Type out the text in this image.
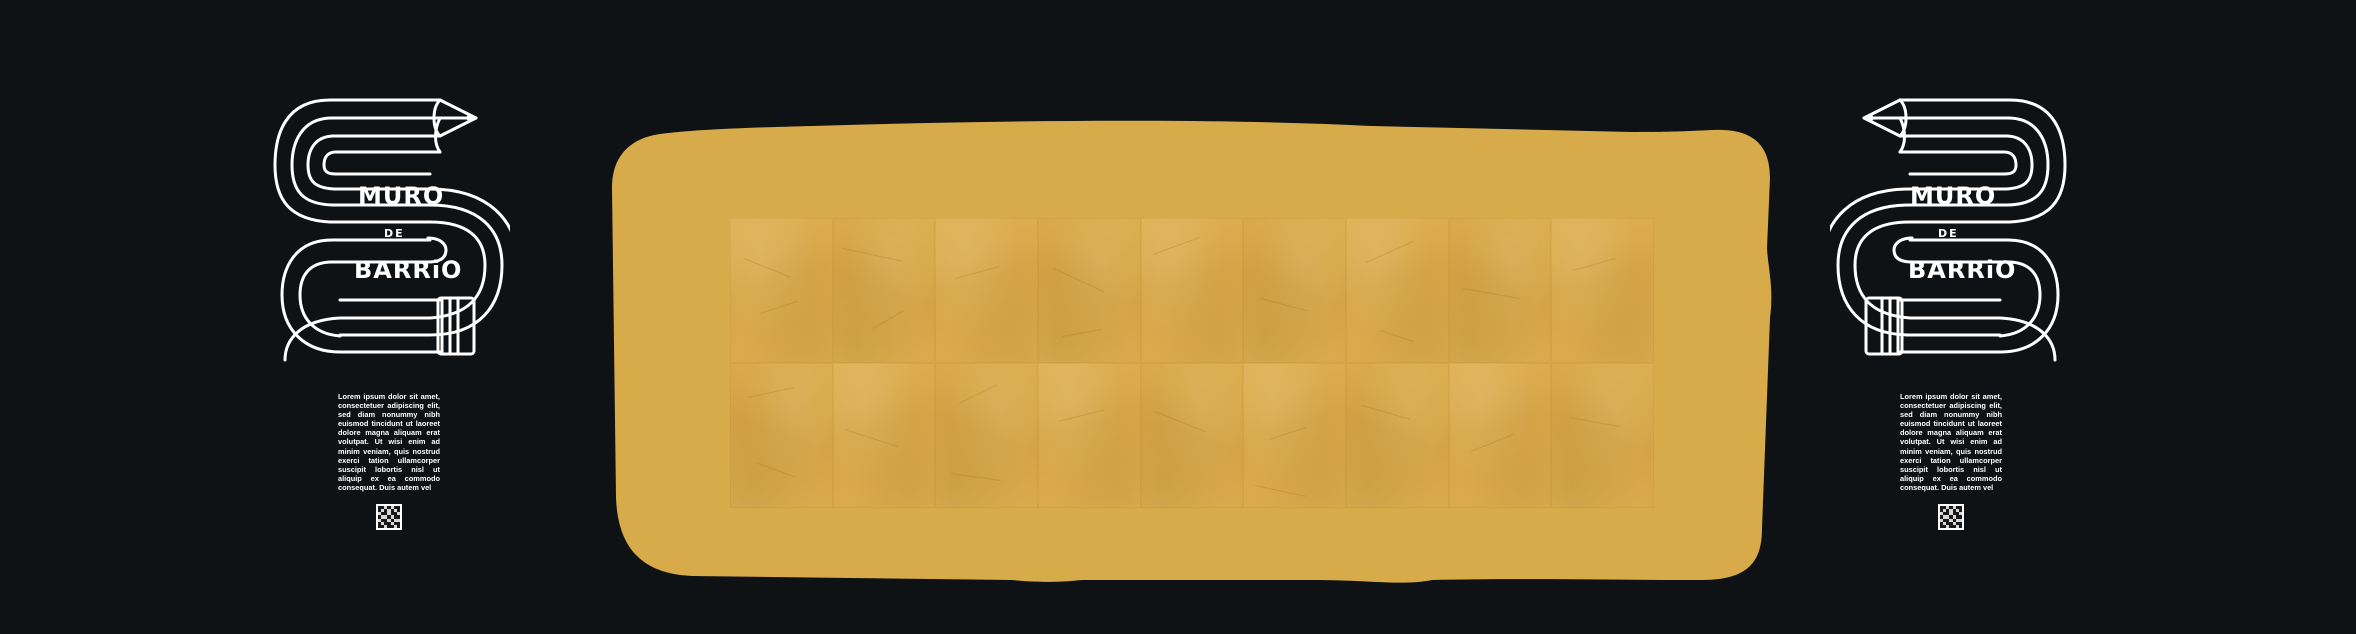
MURO
DE
BARRiO
Lorem ipsum dolor sit amet, consectetuer adipiscing elit, sed diam nonummy nibh euismod tincidunt ut laoreet dolore magna aliquam erat volutpat. Ut wisi enim ad minim veniam, quis nostrud exerci tation ullamcorper suscipit lobortis nisl ut aliquip ex ea commodo consequat. Duis autem vel
MURO
DE
BARRiO
Lorem ipsum dolor sit amet, consectetuer adipiscing elit, sed diam nonummy nibh euismod tincidunt ut laoreet dolore magna aliquam erat volutpat. Ut wisi enim ad minim veniam, quis nostrud exerci tation ullamcorper suscipit lobortis nisl ut aliquip ex ea commodo consequat. Duis autem vel
